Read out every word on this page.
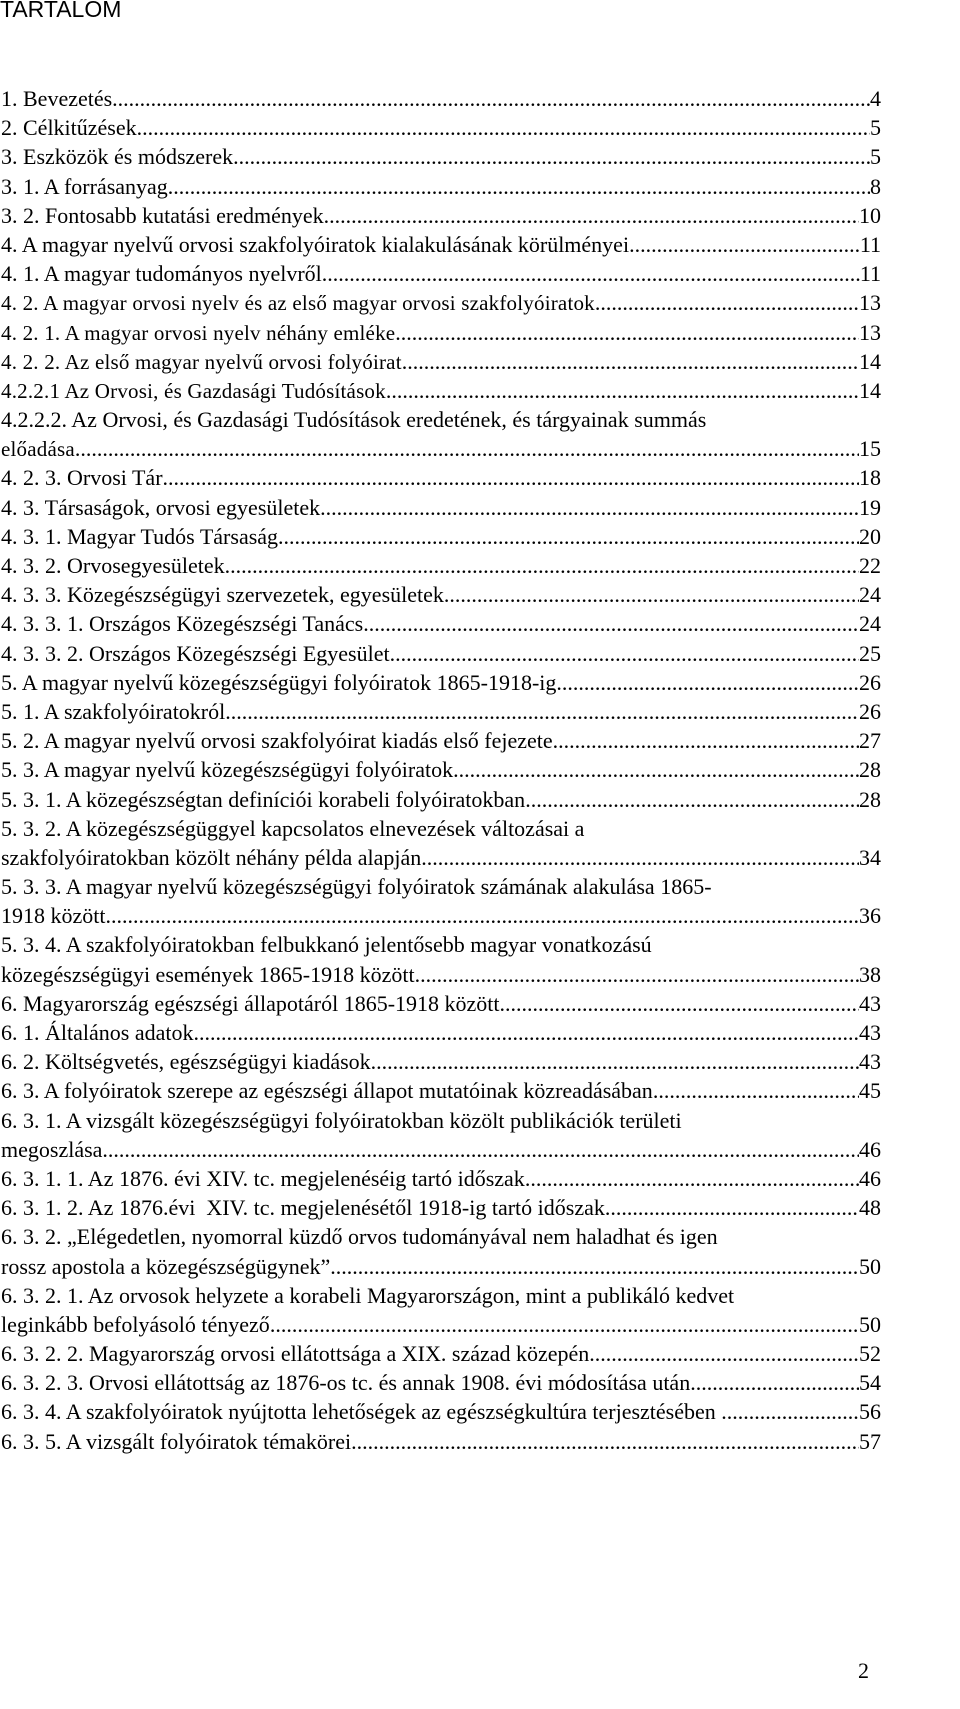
TARTALOM
1. Bevezetés .....	4
2. Célkitűzések .....	5
3. Eszközök és módszerek .....	5
3. 1. A forrásanyag .....	8
3. 2. Fontosabb kutatási eredmények .....	10
4. A magyar nyelvű orvosi szakfolyóiratok kialakulásának körülményei .....	11
4. 1. A magyar tudományos nyelvről .....	11
4. 2. A magyar orvosi nyelv és az első magyar orvosi szakfolyóiratok .....	13
4. 2. 1. A magyar orvosi nyelv néhány emléke .....	13
4. 2. 2. Az első magyar nyelvű orvosi folyóirat .....	14
4.2.2.1 Az Orvosi, és Gazdasági Tudósítások .....	14
4.2.2.2. Az Orvosi, és Gazdasági Tudósítások eredetének, és tárgyainak summás
előadása .....	15
4. 2. 3. Orvosi Tár .....	18
4. 3. Társaságok, orvosi egyesületek .....	19
4. 3. 1. Magyar Tudós Társaság .....	20
4. 3. 2. Orvosegyesületek .....	22
4. 3. 3. Közegészségügyi szervezetek, egyesületek .....	24
4. 3. 3. 1. Országos Közegészségi Tanács .....	24
4. 3. 3. 2. Országos Közegészségi Egyesület .....	25
5. A magyar nyelvű közegészségügyi folyóiratok 1865-1918-ig .....	26
5. 1. A szakfolyóiratokról .....	26
5. 2. A magyar nyelvű orvosi szakfolyóirat kiadás első fejezete .....	27
5. 3. A magyar nyelvű közegészségügyi folyóiratok .....	28
5. 3. 1. A közegészségtan definíciói korabeli folyóiratokban .....	28
5. 3. 2. A közegészségüggyel kapcsolatos elnevezések változásai a
szakfolyóiratokban közölt néhány példa alapján .....	34
5. 3. 3. A magyar nyelvű közegészségügyi folyóiratok számának alakulása 1865-
1918 között .....	36
5. 3. 4. A szakfolyóiratokban felbukkanó jelentősebb magyar vonatkozású
közegészségügyi események 1865-1918 között .....	38
6. Magyarország egészségi állapotáról 1865-1918 között .....	43
6. 1. Általános adatok .....	43
6. 2. Költségvetés, egészségügyi kiadások .....	43
6. 3. A folyóiratok szerepe az egészségi állapot mutatóinak közreadásában .....	45
6. 3. 1. A vizsgált közegészségügyi folyóiratokban közölt publikációk területi
megoszlása .....	46
6. 3. 1. 1. Az 1876. évi XIV. tc. megjelenéséig tartó időszak .....	46
6. 3. 1. 2. Az 1876.évi  XIV. tc. megjelenésétől 1918-ig tartó időszak .....	48
6. 3. 2. „Elégedetlen, nyomorral küzdő orvos tudományával nem haladhat és igen
rossz apostola a közegészségügynek” .....	50
6. 3. 2. 1. Az orvosok helyzete a korabeli Magyarországon, mint a publikáló kedvet
leginkább befolyásoló tényező .....	50
6. 3. 2. 2. Magyarország orvosi ellátottsága a XIX. század közepén .....	52
6. 3. 2. 3. Orvosi ellátottság az 1876-os tc. és annak 1908. évi módosítása után .....	54
6. 3. 4. A szakfolyóiratok nyújtotta lehetőségek az egészségkultúra terjesztésében . .....	56
6. 3. 5. A vizsgált folyóiratok témakörei .....	57
2
